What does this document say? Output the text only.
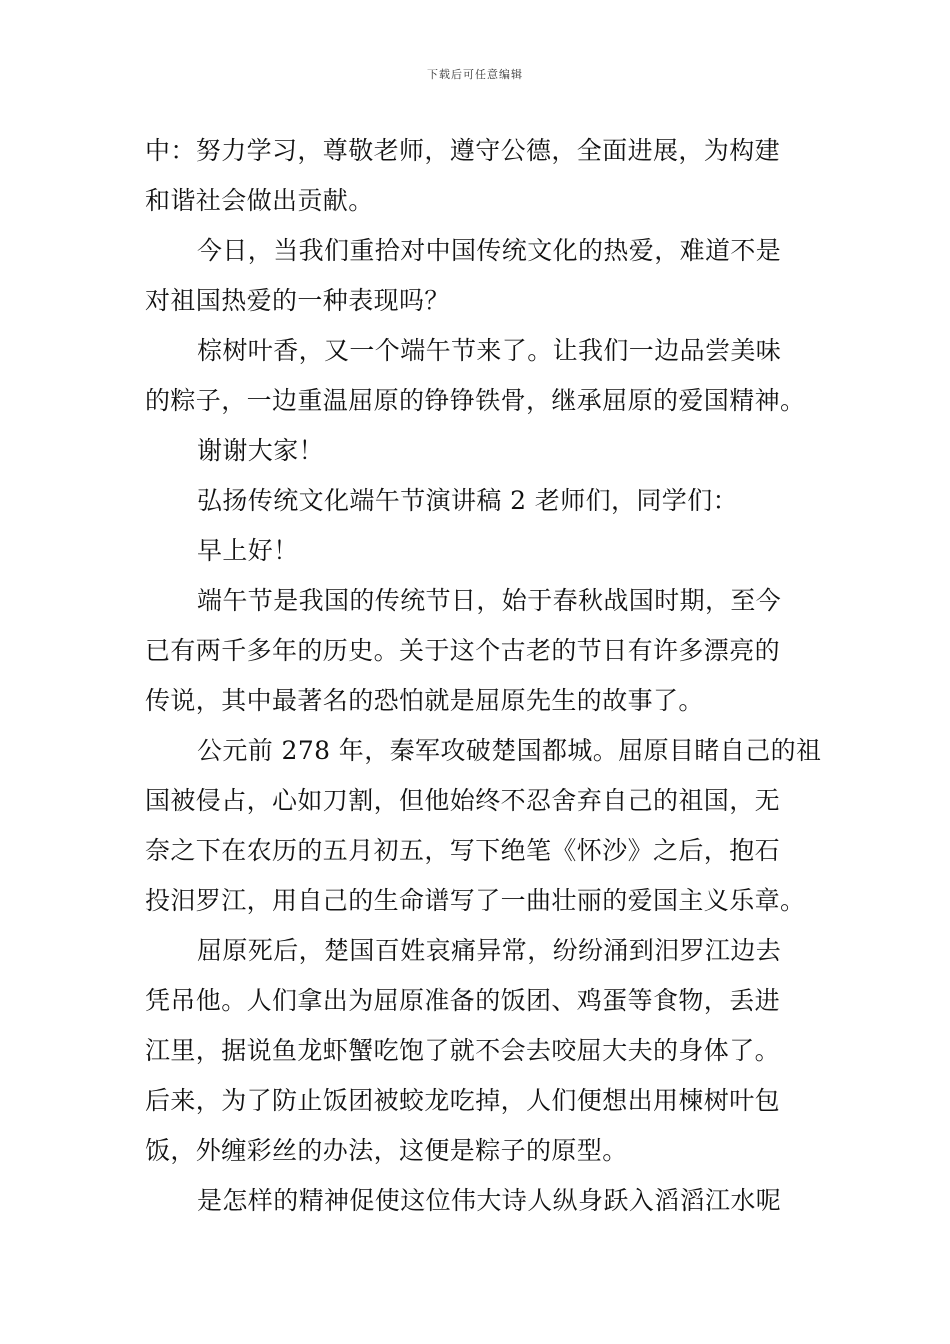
下载后可任意编辑
中：努力学习，尊敬老师，遵守公德，全面进展，为构建
和谐社会做出贡献。
今日，当我们重拾对中国传统文化的热爱，难道不是
对祖国热爱的一种表现吗？
棕树叶香，又一个端午节来了。让我们一边品尝美味
的粽子，一边重温屈原的铮铮铁骨，继承屈原的爱国精神。
谢谢大家！
弘扬传统文化端午节演讲稿 2 老师们，同学们：
早上好！
端午节是我国的传统节日，始于春秋战国时期，至今
已有两千多年的历史。关于这个古老的节日有许多漂亮的
传说，其中最著名的恐怕就是屈原先生的故事了。
公元前 278 年，秦军攻破楚国都城。屈原目睹自己的祖
国被侵占，心如刀割，但他始终不忍舍弃自己的祖国，无
奈之下在农历的五月初五，写下绝笔《怀沙》之后，抱石
投汨罗江，用自己的生命谱写了一曲壮丽的爱国主义乐章。
屈原死后，楚国百姓哀痛异常，纷纷涌到汨罗江边去
凭吊他。人们拿出为屈原准备的饭团、鸡蛋等食物，丢进
江里，据说鱼龙虾蟹吃饱了就不会去咬屈大夫的身体了。
后来，为了防止饭团被蛟龙吃掉，人们便想出用楝树叶包
饭，外缠彩丝的办法，这便是粽子的原型。
是怎样的精神促使这位伟大诗人纵身跃入滔滔江水呢
